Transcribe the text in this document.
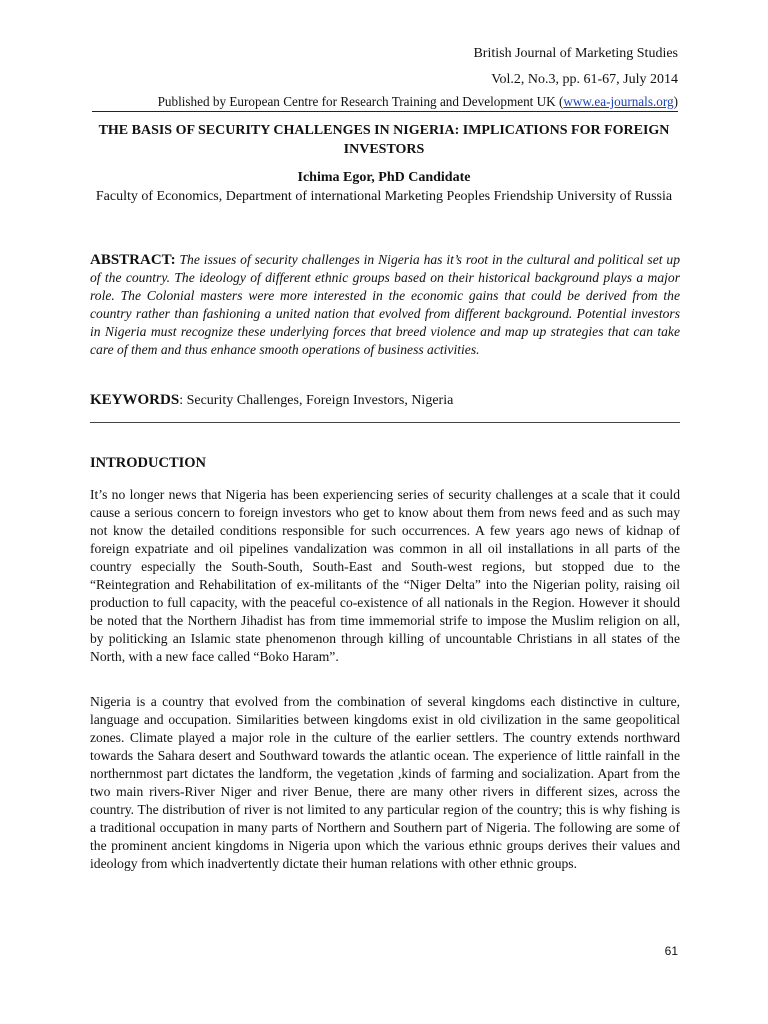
British Journal of Marketing Studies
Vol.2, No.3, pp. 61-67, July 2014
Published by European Centre for Research Training and Development UK (www.ea-journals.org)
THE BASIS OF SECURITY CHALLENGES IN NIGERIA: IMPLICATIONS FOR FOREIGN INVESTORS
Ichima Egor, PhD Candidate
Faculty of Economics, Department of international Marketing Peoples Friendship University of Russia
ABSTRACT: The issues of security challenges in Nigeria has it’s root in the cultural and political set up of the country. The ideology of different ethnic groups based on their historical background plays a major role. The Colonial masters were more interested in the economic gains that could be derived from the country rather than fashioning a united nation that evolved from different background. Potential investors in Nigeria must recognize these underlying forces that breed violence and map up strategies that can take care of them and thus enhance smooth operations of business activities.
KEYWORDS: Security Challenges, Foreign Investors, Nigeria
INTRODUCTION
It’s no longer news that Nigeria has been experiencing series of security challenges at a scale that it could cause a serious concern to foreign investors who get to know about them from news feed and as such may not know the detailed conditions responsible for such occurrences. A few years ago news of kidnap of foreign expatriate and oil pipelines vandalization was common in all oil installations in all parts of the country especially the South-South, South-East and South-west regions, but stopped due to the “Reintegration and Rehabilitation of ex-militants of the “Niger Delta” into the Nigerian polity, raising oil production to full capacity, with the peaceful co-existence of all nationals in the Region. However it should be noted that the Northern Jihadist has from time immemorial strife to impose the Muslim religion on all, by politicking an Islamic state phenomenon through killing of uncountable Christians in all states of the North, with a new face called “Boko Haram”.
Nigeria is a country that evolved from the combination of several kingdoms each distinctive in culture, language and occupation. Similarities between kingdoms exist in old civilization in the same geopolitical zones. Climate played a major role in the culture of the earlier settlers. The country extends northward towards the Sahara desert and Southward towards the atlantic ocean. The experience of little rainfall in the northernmost part dictates the landform, the vegetation ,kinds of farming and socialization. Apart from the two main rivers-River Niger and river Benue, there are many other rivers in different sizes, across the country. The distribution of river is not limited to any particular region of the country; this is why fishing is a traditional occupation in many parts of Northern and Southern part of Nigeria. The following are some of the prominent ancient kingdoms in Nigeria upon which the various ethnic groups derives their values and ideology from which inadvertently dictate their human relations with other ethnic groups.
61
